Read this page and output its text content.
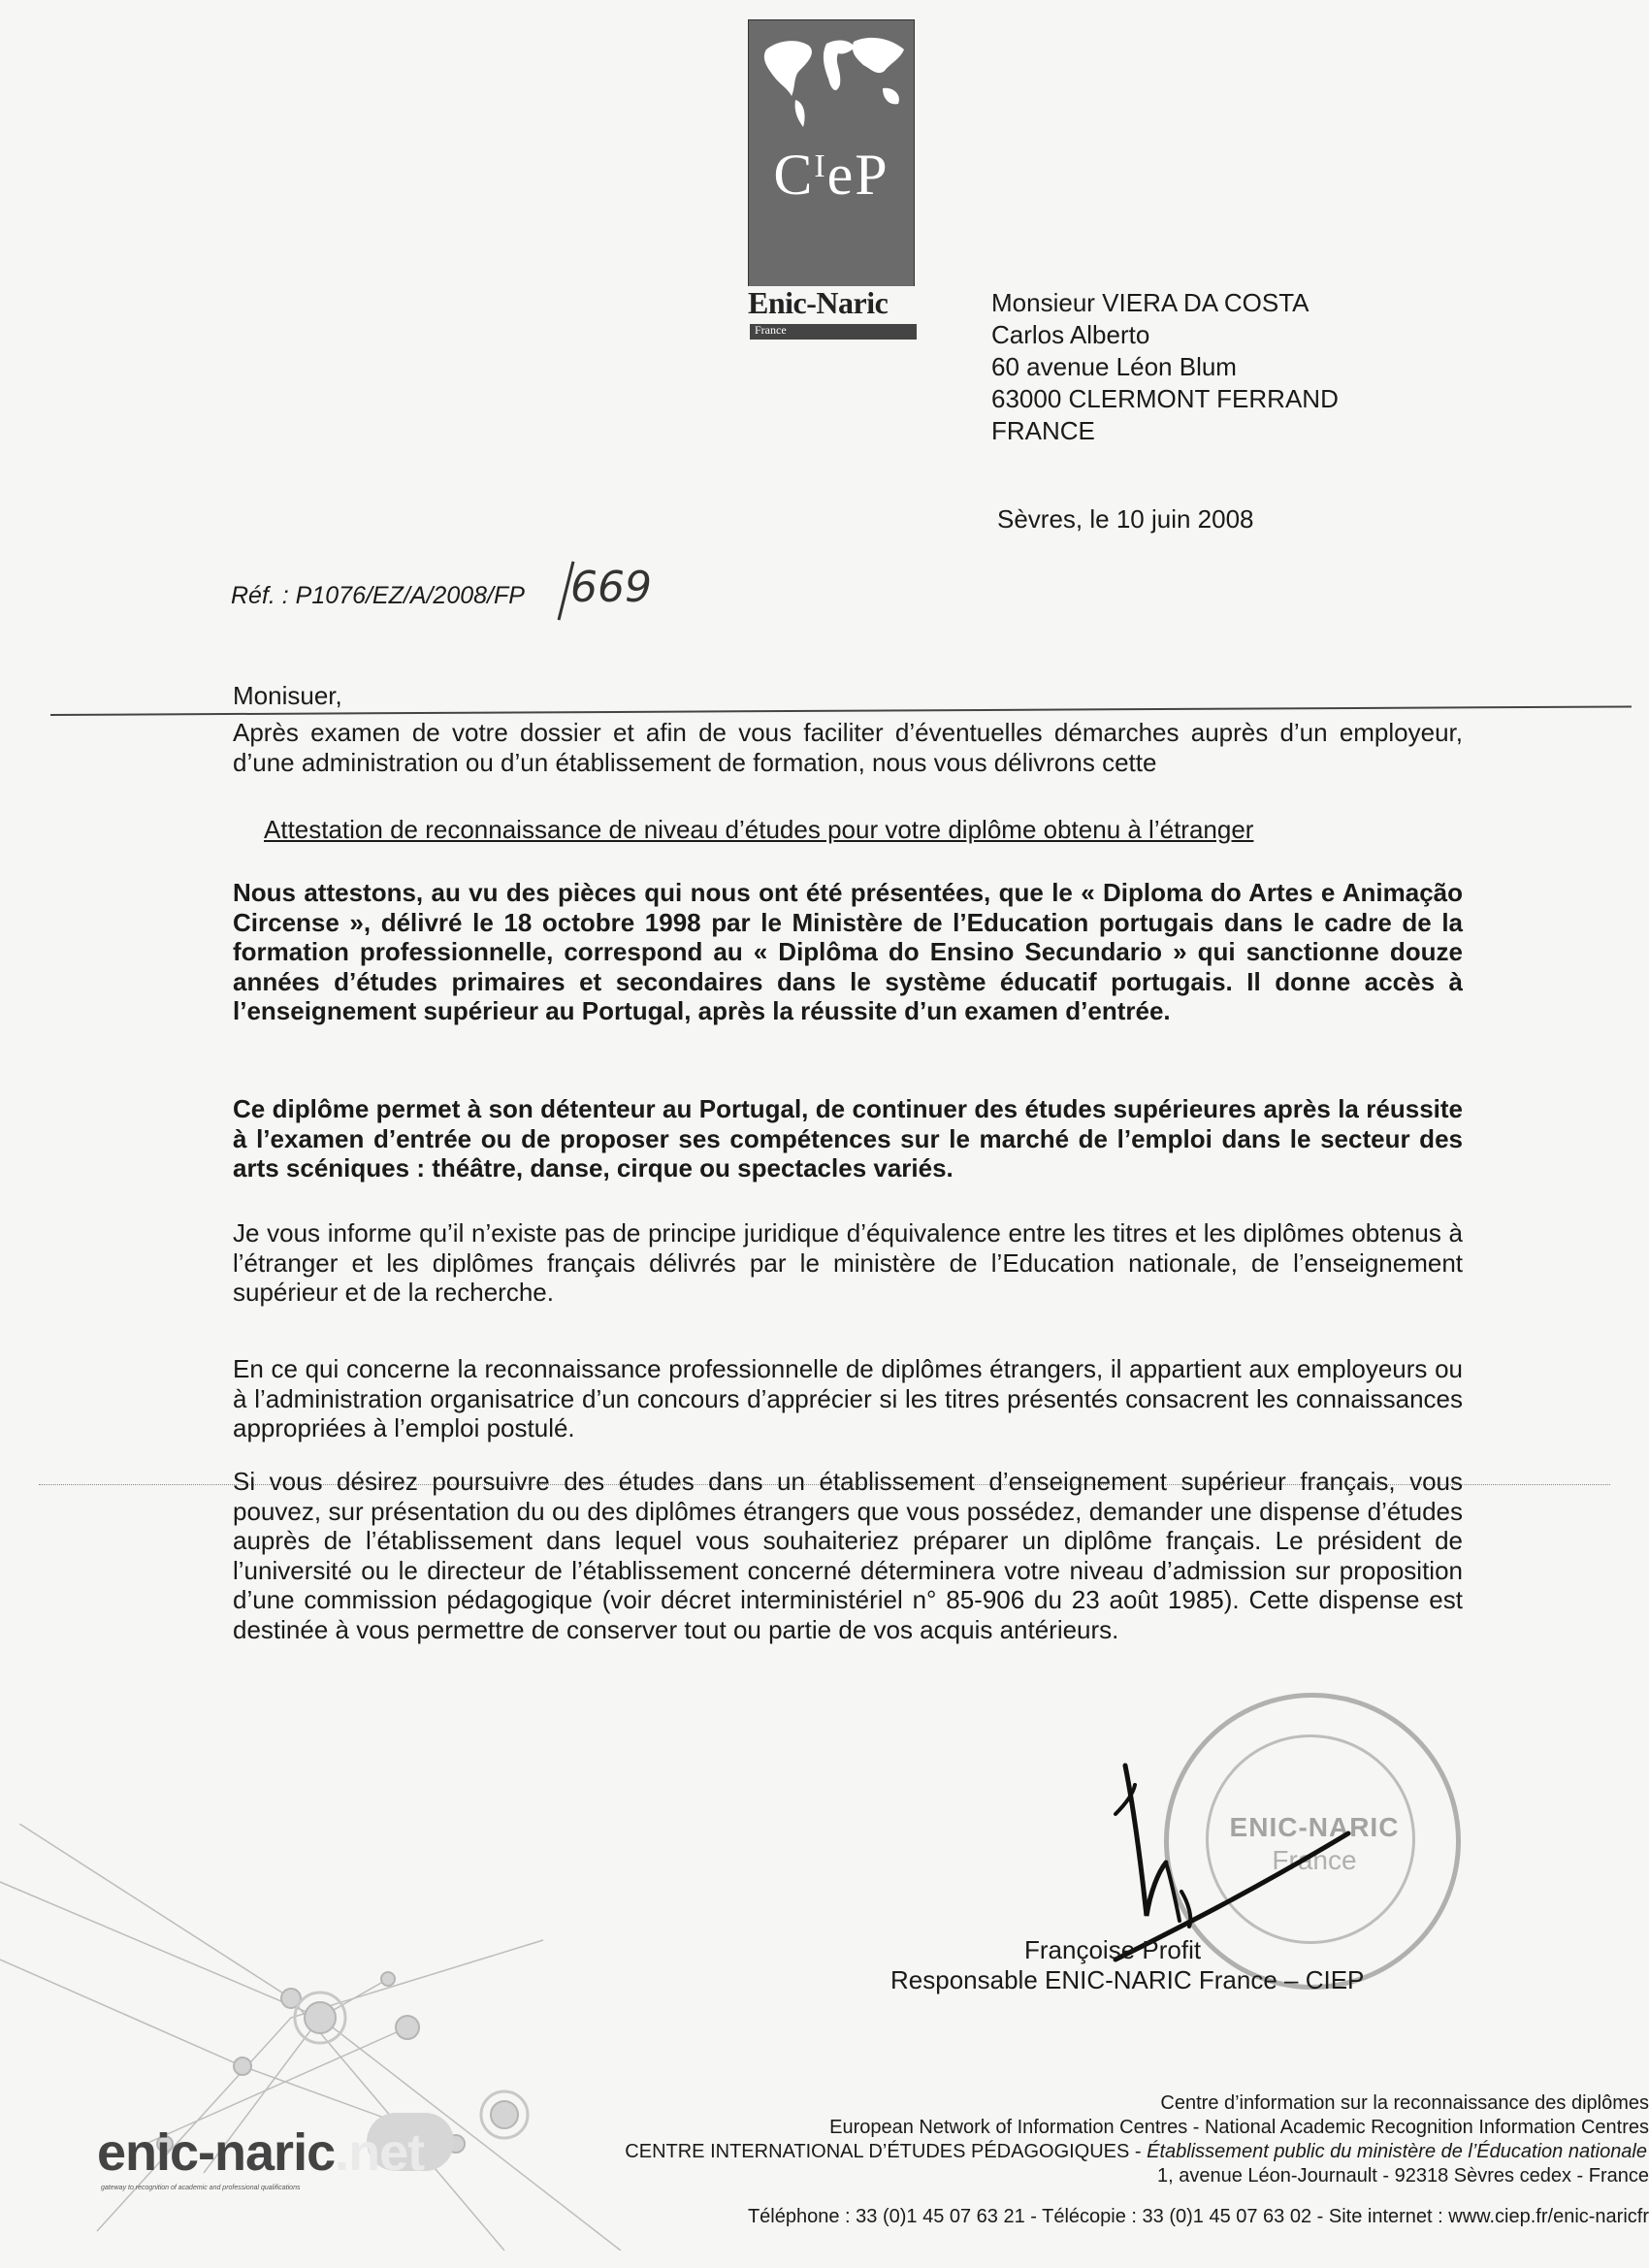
$C^IeP$
Enic-Naric
France
Monsieur VIERA DA COSTA
Carlos Alberto
60 avenue Léon Blum
63000 CLERMONT FERRAND
FRANCE
Sèvres, le 10 juin 2008
Réf. : P1076/EZ/A/2008/FP 669
Monisuer,
Après examen de votre dossier et afin de vous faciliter d’éventuelles démarches auprès d’un employeur, d’une administration ou d’un établissement de formation, nous vous délivrons cette
Attestation de reconnaissance de niveau d’études pour votre diplôme obtenu à l’étranger
Nous attestons, au vu des pièces qui nous ont été présentées, que le « Diploma do Artes e Animação Circense », délivré le 18 octobre 1998 par le Ministère de l’Education portugais dans le cadre de la formation professionnelle, correspond au « Diplôma do Ensino Secundario » qui sanctionne douze années d’études primaires et secondaires dans le système éducatif portugais. Il donne accès à l’enseignement supérieur au Portugal, après la réussite d’un examen d’entrée.
Ce diplôme permet à son détenteur au Portugal, de continuer des études supérieures après la réussite à l’examen d’entrée ou de proposer ses compétences sur le marché de l’emploi dans le secteur des arts scéniques : théâtre, danse, cirque ou spectacles variés.
Je vous informe qu’il n’existe pas de principe juridique d’équivalence entre les titres et les diplômes obtenus à l’étranger et les diplômes français délivrés par le ministère de l’Education nationale, de l’enseignement supérieur et de la recherche.
En ce qui concerne la reconnaissance professionnelle de diplômes étrangers, il appartient aux employeurs ou à l’administration organisatrice d’un concours d’apprécier si les titres présentés consacrent les connaissances appropriées à l’emploi postulé.
Si vous désirez poursuivre des études dans un établissement d’enseignement supérieur français, vous pouvez, sur présentation du ou des diplômes étrangers que vous possédez, demander une dispense d’études auprès de l’établissement dans lequel vous souhaiteriez préparer un diplôme français. Le président de l’université ou le directeur de l’établissement concerné déterminera votre niveau d’admission sur proposition d’une commission pédagogique (voir décret interministériel n° 85-906 du 23 août 1985). Cette dispense est destinée à vous permettre de conserver tout ou partie de vos acquis antérieurs.
ENIC-NARIC
France
Françoise Profit
Responsable ENIC-NARIC France – CIEP
enic-naric.net
gateway to recognition of academic and professional qualifications
Centre d’information sur la reconnaissance des diplômes
European Network of Information Centres - National Academic Recognition Information Centres
CENTRE INTERNATIONAL D’ÉTUDES PÉDAGOGIQUES - Établissement public du ministère de l’Éducation nationale
1, avenue Léon-Journault - 92318 Sèvres cedex - France
Téléphone : 33 (0)1 45 07 63 21 - Télécopie : 33 (0)1 45 07 63 02 - Site internet : www.ciep.fr/enic-naricfr
